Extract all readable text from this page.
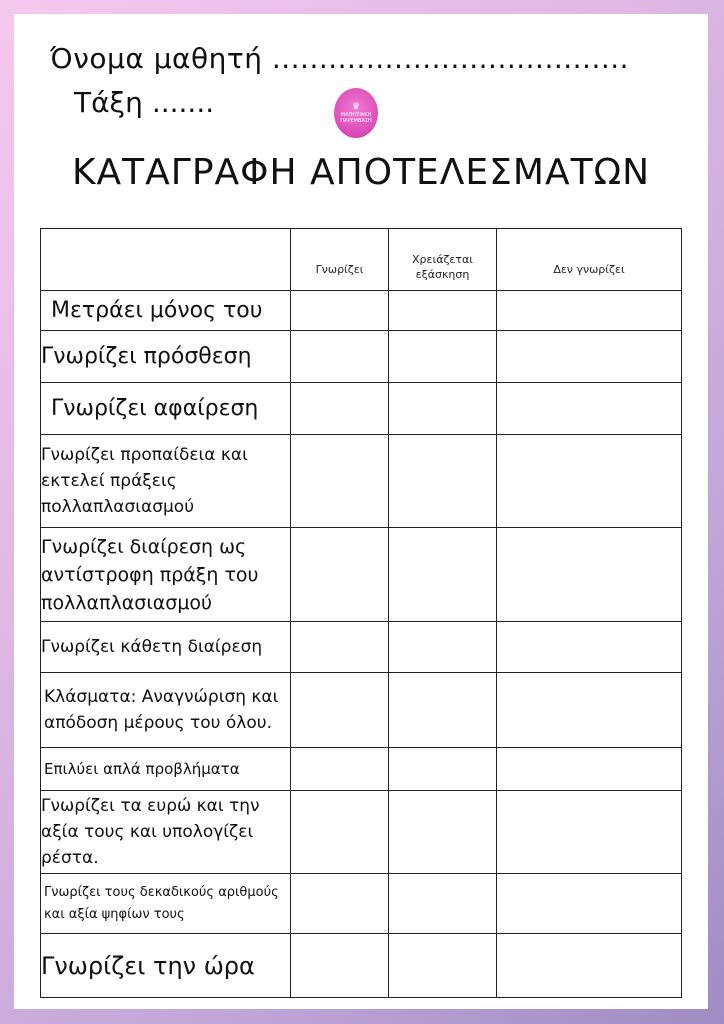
Όνομα μαθητή ......................................
Τάξη .......	♛
ΜΑΘΗΣΙΑΚΗ
ΠΑΡΕΜΒΑΣΗ
ΚΑΤΑΓΡΑΦΗ ΑΠΟΤΕΛΕΣΜΑΤΩΝ
	Γνωρίζει	Χρειάζεται εξάσκηση	Δεν γνωρίζει
Μετράει μόνος του			
Γνωρίζει πρόσθεση			
Γνωρίζει αφαίρεση			
Γνωρίζει προπαίδεια και εκτελεί πράξεις πολλαπλασιασμού			
Γνωρίζει διαίρεση ως αντίστροφη πράξη του πολλαπλασιασμού			
Γνωρίζει κάθετη διαίρεση			
Κλάσματα: Αναγνώριση και απόδοση μέρους του όλου.			
Επιλύει απλά προβλήματα			
Γνωρίζει τα ευρώ και την αξία τους και υπολογίζει ρέστα.			
Γνωρίζει τους δεκαδικούς αριθμούς και αξία ψηφίων τους			
Γνωρίζει την ώρα			
